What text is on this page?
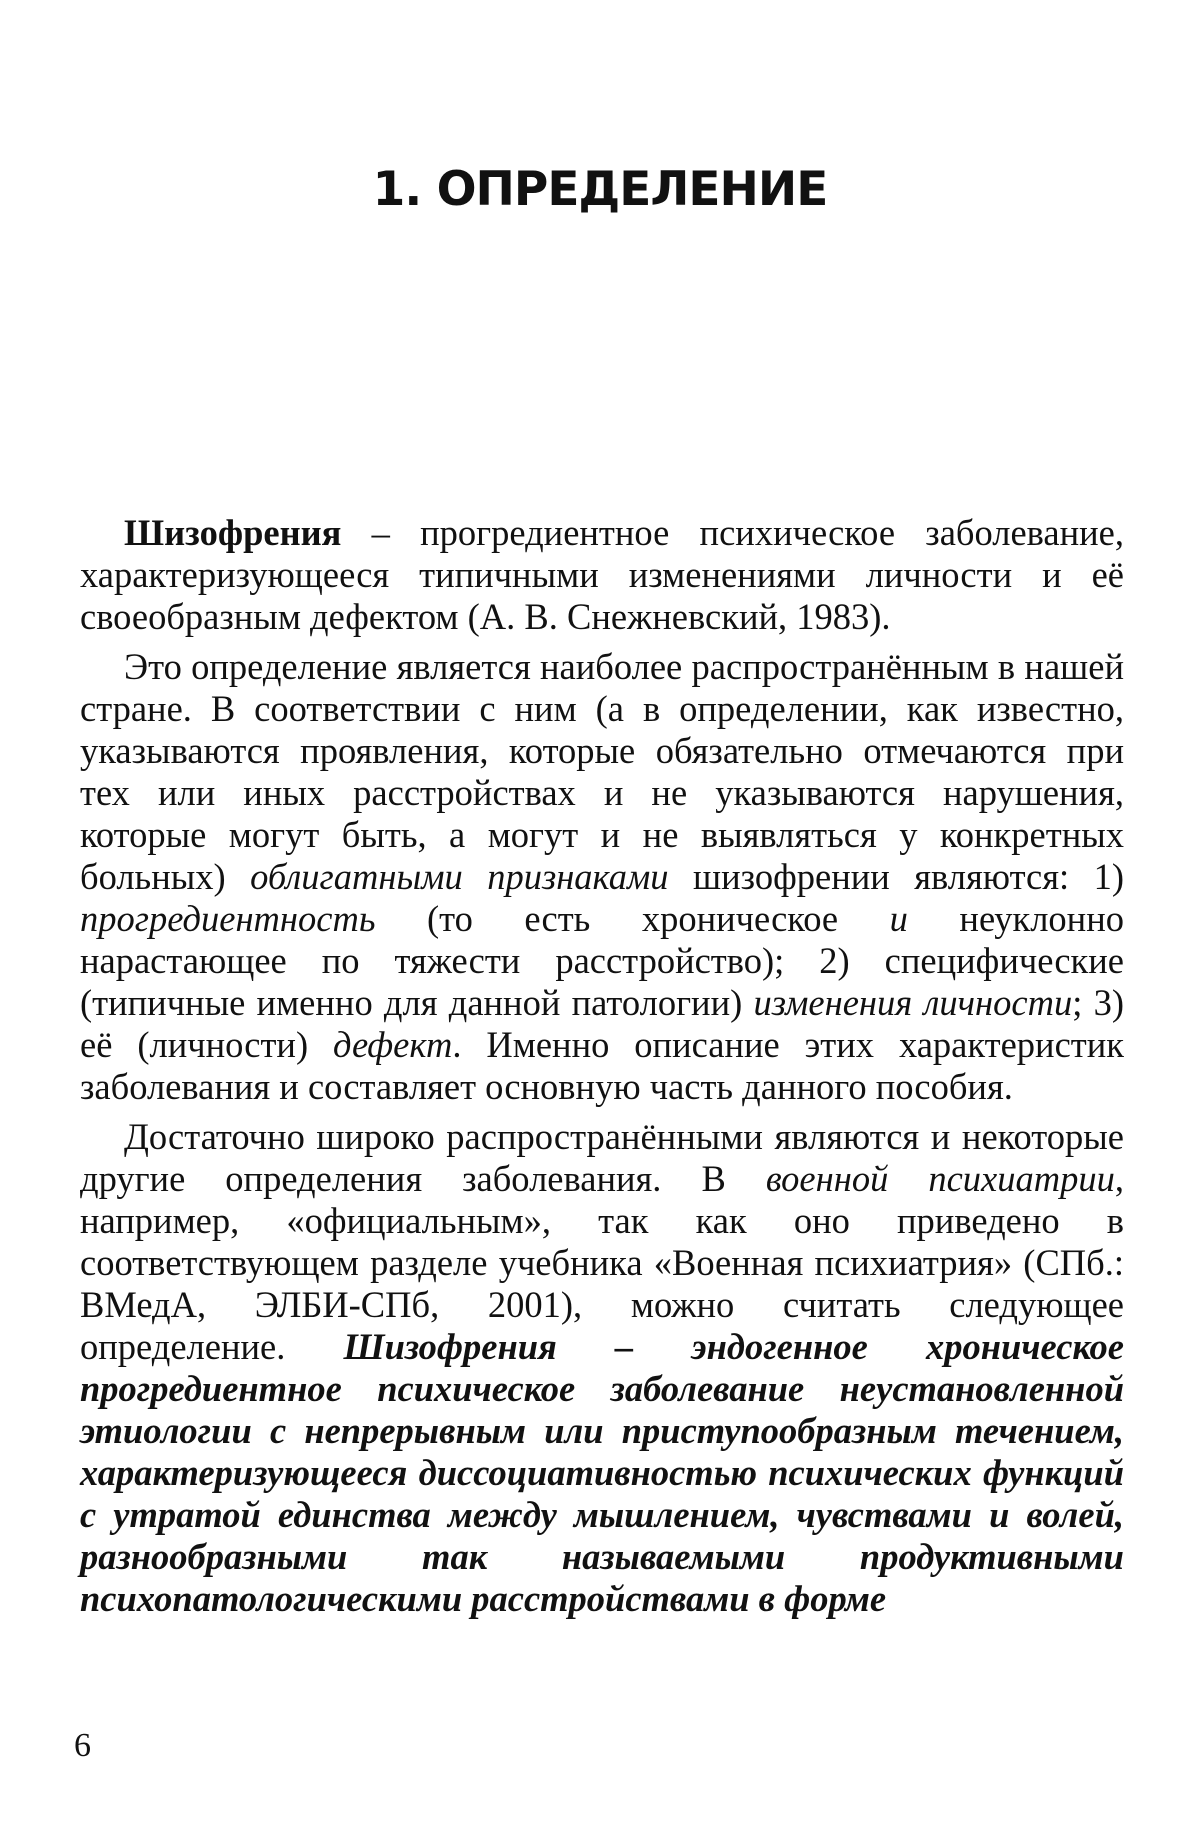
1. ОПРЕДЕЛЕНИЕ

Шизофрения – прогредиентное психическое заболевание, характеризующееся типичными изменениями личности и её своеобразным дефектом (А. В. Снежневский, 1983).

Это определение является наиболее распространённым в нашей стране. В соответствии с ним (а в определении, как известно, указываются проявления, которые обязательно отмечаются при тех или иных расстройствах и не указываются нарушения, которые могут быть, а могут и не выявляться у конкретных больных) облигатными признаками шизофрении являются: 1) прогредиентность (то есть хроническое и неуклонно нарастающее по тяжести расстройство); 2) специфические (типичные именно для данной патологии) изменения личности; 3) её (личности) дефект. Именно описание этих характеристик заболевания и составляет основную часть данного пособия.

Достаточно широко распространёнными являются и некоторые другие определения заболевания. В военной психиатрии, например, «официальным», так как оно приведено в соответствующем разделе учебника «Военная психиатрия» (СПб.: ВМедА, ЭЛБИ-СПб, 2001), можно считать следующее определение. Шизофрения – эндогенное хроническое прогредиентное психическое заболевание неустановленной этиологии с непрерывным или приступообразным течением, характеризующееся диссоциативностью психических функций с утратой единства между мышлением, чувствами и волей, разнообразными так называемыми продуктивными психопатологическими расстройствами в форме

6
